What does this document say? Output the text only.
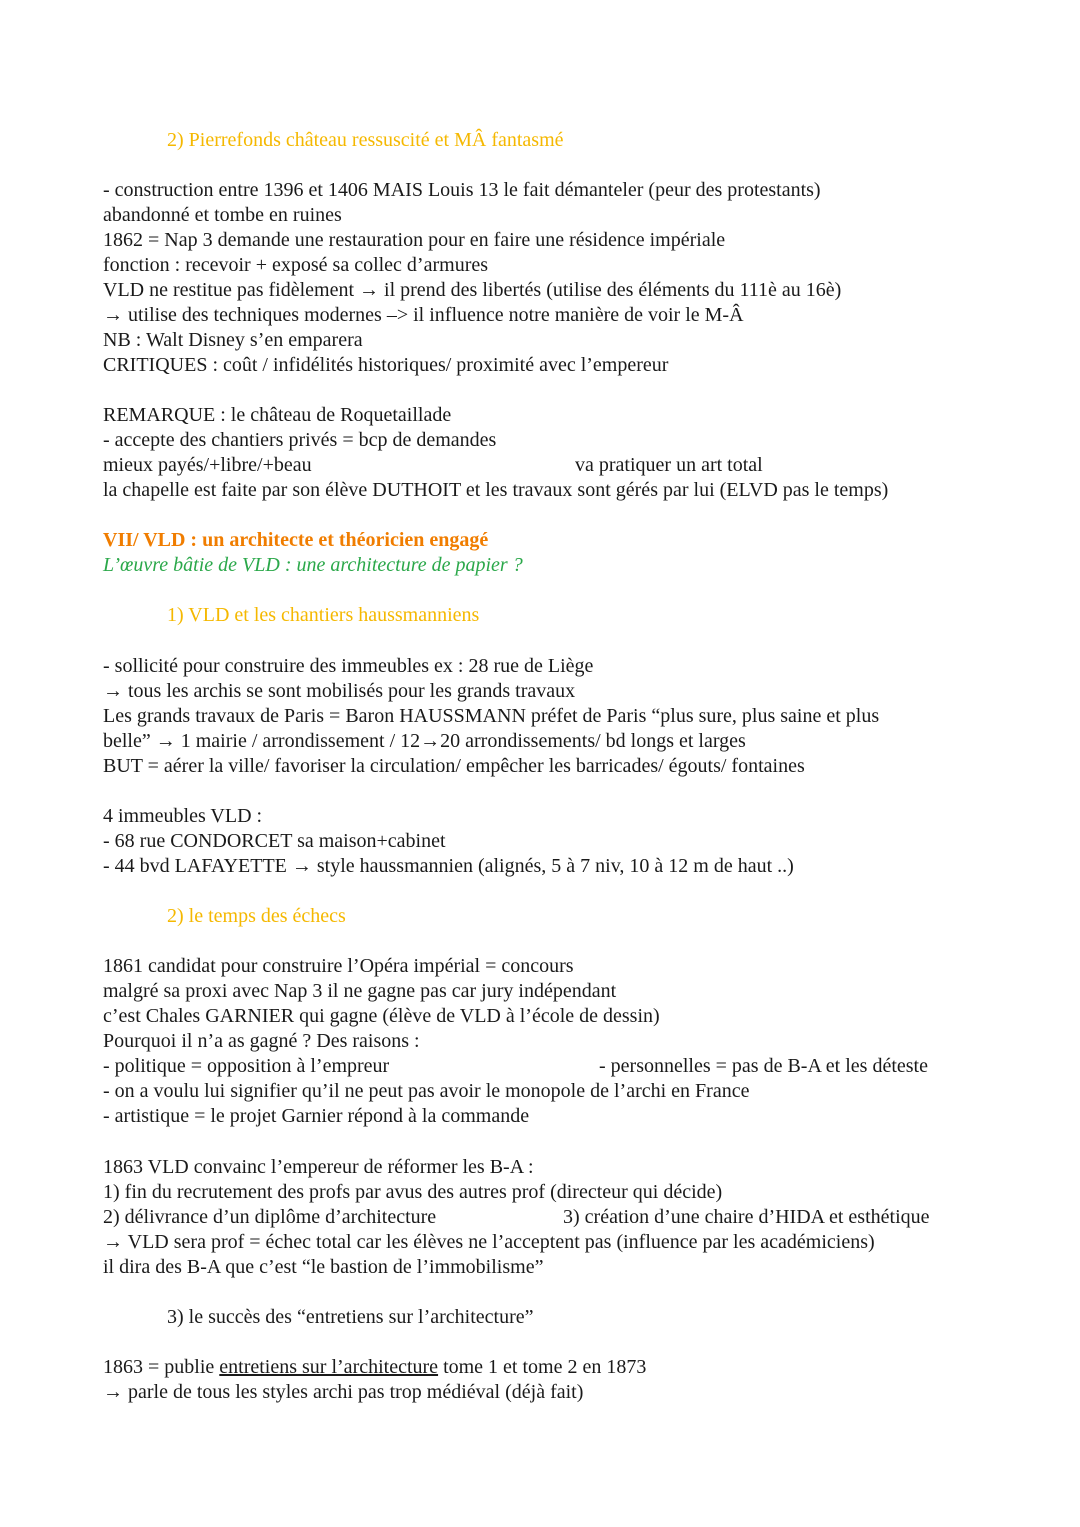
2) Pierrefonds château ressuscité et MÂ fantasmé
- construction entre 1396 et 1406 MAIS Louis 13 le fait démanteler (peur des protestants)
abandonné et tombe en ruines
1862 = Nap 3 demande une restauration pour en faire une résidence impériale
fonction : recevoir + exposé sa collec d’armures
VLD ne restitue pas fidèlement → il prend des libertés (utilise des éléments du 111è au 16è)
→ utilise des techniques modernes –> il influence notre manière de voir le M-Â
NB : Walt Disney s’en emparera
CRITIQUES : coût / infidélités historiques/ proximité avec l’empereur
REMARQUE : le château de Roquetaillade
- accepte des chantiers privés = bcp de demandes
mieux payés/+libre/+beau	va pratiquer un art total
la chapelle est faite par son élève DUTHOIT et les travaux sont gérés par lui (ELVD pas le temps)
VII/ VLD : un architecte et théoricien engagé
L’œuvre bâtie de VLD : une architecture de papier ?
1) VLD et les chantiers haussmanniens
- sollicité pour construire des immeubles ex : 28 rue de Liège
→ tous les archis se sont mobilisés pour les grands travaux
Les grands travaux de Paris = Baron HAUSSMANN préfet de Paris “plus sure, plus saine et plus
belle” → 1 mairie / arrondissement / 12→20 arrondissements/ bd longs et larges
BUT = aérer la ville/ favoriser la circulation/ empêcher les barricades/ égouts/ fontaines
4 immeubles VLD :
- 68 rue CONDORCET sa maison+cabinet
- 44 bvd LAFAYETTE → style haussmannien (alignés, 5 à 7 niv, 10 à 12 m de haut ..)
2) le temps des échecs
1861 candidat pour construire l’Opéra impérial = concours
malgré sa proxi avec Nap 3 il ne gagne pas car jury indépendant
c’est Chales GARNIER qui gagne (élève de VLD à l’école de dessin)
Pourquoi il n’a as gagné ? Des raisons :
- politique = opposition à l’empreur	- personnelles = pas de B-A et les déteste
- on a voulu lui signifier qu’il ne peut pas avoir le monopole de l’archi en France
- artistique = le projet Garnier répond à la commande
1863 VLD convainc l’empereur de réformer les B-A :
1) fin du recrutement des profs par avus des autres prof (directeur qui décide)
2) délivrance d’un diplôme d’architecture	3) création d’une chaire d’HIDA et esthétique
→ VLD sera prof = échec total car les élèves ne l’acceptent pas (influence par les académiciens)
il dira des B-A que c’est “le bastion de l’immobilisme”
3) le succès des “entretiens sur l’architecture”
1863 = publie entretiens sur l’architecture tome 1 et tome 2 en 1873
→ parle de tous les styles archi pas trop médiéval (déjà fait)
